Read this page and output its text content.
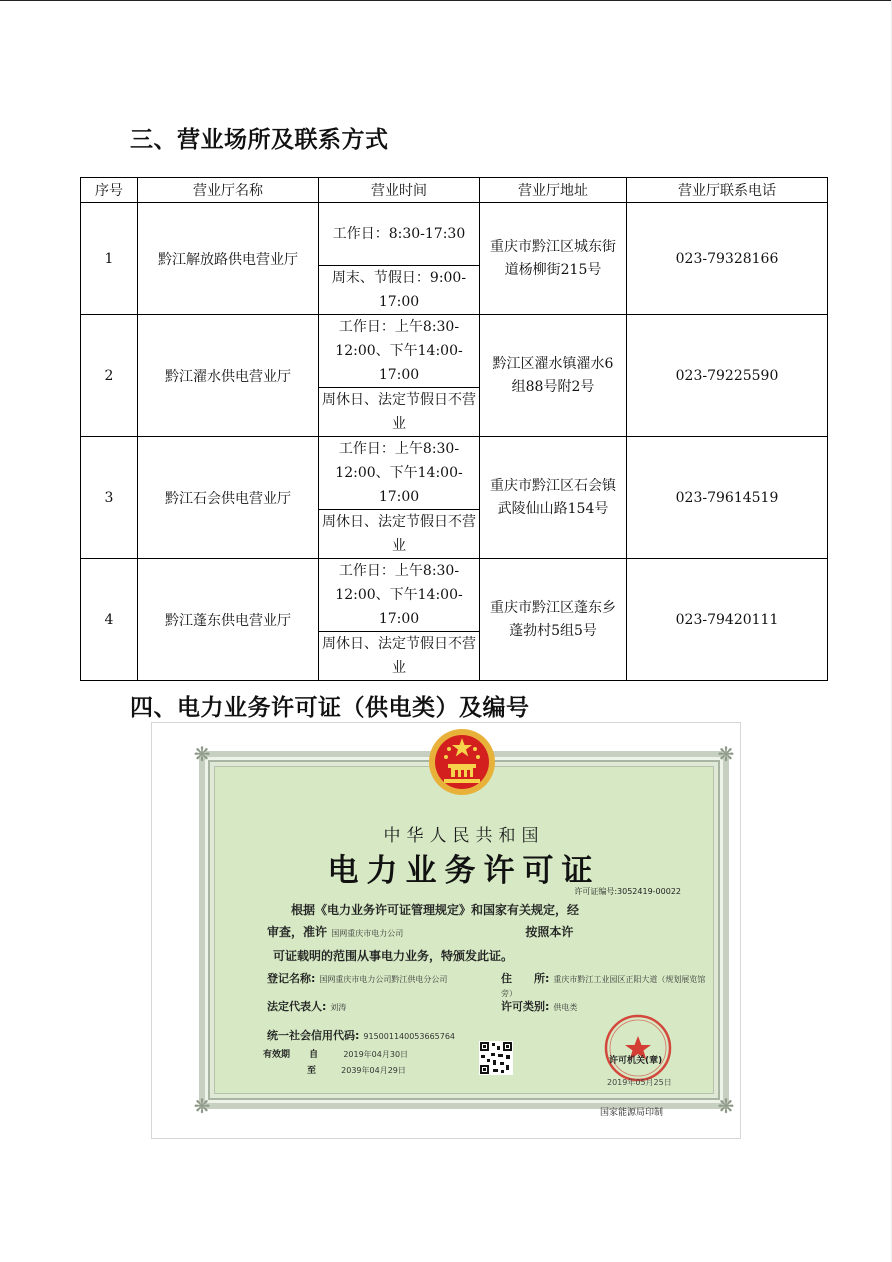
三、营业场所及联系方式
序号	营业厅名称	营业时间	营业厅地址	营业厅联系电话
1	黔江解放路供电营业厅	工作日：8:30-17:30	重庆市黔江区城东街道杨柳街215号	023-79328166
		周末、节假日：9:00-17:00		
2	黔江濯水供电营业厅	工作日：上午8:30-12:00、下午14:00-17:00	黔江区濯水镇濯水6组88号附2号	023-79225590
		周休日、法定节假日不营业		
3	黔江石会供电营业厅	工作日：上午8:30-12:00、下午14:00-17:00	重庆市黔江区石会镇武陵仙山路154号	023-79614519
		周休日、法定节假日不营业		
4	黔江蓬东供电营业厅	工作日：上午8:30-12:00、下午14:00-17:00	重庆市黔江区蓬东乡蓬勃村5组5号	023-79420111
		周休日、法定节假日不营业		
四、电力业务许可证（供电类）及编号
❋	❋
❋	❋
中华人民共和国
电力业务许可证
许可证编号:3052419-00022
根据《电力业务许可证管理规定》和国家有关规定，经
审查，准许 国网重庆市电力公司	按照本许
可证载明的范围从事电力业务，特颁发此证。
登记名称: 国网重庆市电力公司黔江供电分公司	住　　所: 重庆市黔江工业园区正阳大道（规划展览馆旁）
法定代表人: 刘涛	许可类别: 供电类
统一社会信用代码: 915001140053665764
有效期 自	2019年04月30日
至	2039年04月29日
许可机关(章)
2019年05月25日
国家能源局印制
